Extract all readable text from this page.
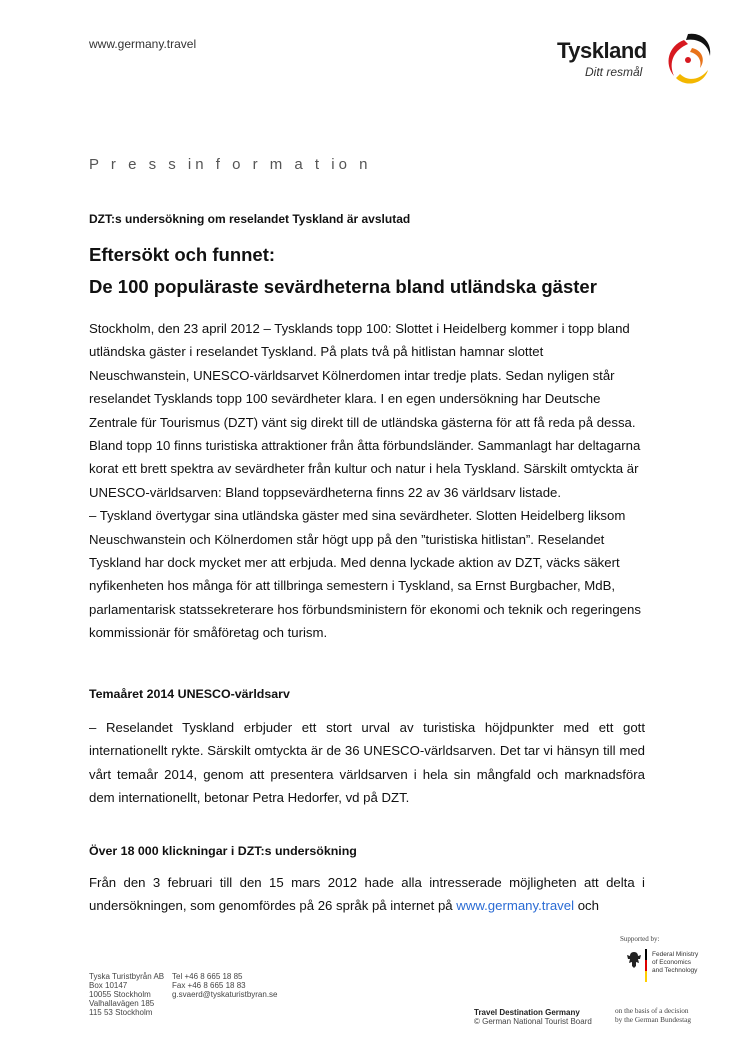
www.germany.travel	Tyskland
Ditt resmål
P r e s s in f o r m a t io n
DZT:s undersökning om reselandet Tyskland är avslutad
Eftersökt och funnet:
De 100 populäraste sevärdheterna bland utländska gäster

Stockholm, den 23 april 2012 – Tysklands topp 100: Slottet i Heidelberg kommer i topp bland utländska gäster i reselandet Tyskland. På plats två på hitlistan hamnar slottet Neuschwanstein, UNESCO-världsarvet Kölnerdomen intar tredje plats. Sedan nyligen står reselandet Tysklands topp 100 sevärdheter klara. I en egen undersökning har Deutsche Zentrale für Tourismus (DZT) vänt sig direkt till de utländska gästerna för att få reda på dessa. Bland topp 10 finns turistiska attraktioner från åtta förbundsländer. Sammanlagt har deltagarna korat ett brett spektra av sevärdheter från kultur och natur i hela Tyskland. Särskilt omtyckta är UNESCO-världsarven: Bland toppsevärdheterna finns 22 av 36 världsarv listade.

– Tyskland övertygar sina utländska gäster med sina sevärdheter. Slotten Heidelberg liksom Neuschwanstein och Kölnerdomen står högt upp på den ”turistiska hitlistan”. Reselandet Tyskland har dock mycket mer att erbjuda. Med denna lyckade aktion av DZT, väcks säkert nyfikenheten hos många för att tillbringa semestern i Tyskland, sa Ernst Burgbacher, MdB, parlamentarisk statssekreterare hos förbundsministern för ekonomi och teknik och regeringens kommissionär för småföretag och turism.

Temaåret 2014 UNESCO-världsarv
– Reselandet Tyskland erbjuder ett stort urval av turistiska höjdpunkter med ett gott internationellt rykte. Särskilt omtyckta är de 36 UNESCO-världsarven. Det tar vi hänsyn till med vårt temaår 2014, genom att presentera världsarven i hela sin mångfald och marknadsföra dem internationellt, betonar Petra Hedorfer, vd på DZT.
Över 18 000 klickningar i DZT:s undersökning
Från den 3 februari till den 15 mars 2012 hade alla intresserade möjligheten att delta i undersökningen, som genomfördes på 26 språk på internet på www.germany.travel och
Tyska Turistbyrån AB
Box 10147
10055 Stockholm
Valhallavägen 185
115 53 Stockholm
Tel +46 8 665 18 85
Fax +46 8 665 18 83
g.svaerd@tyskaturistbyran.se
Travel Destination Germany
© German National Tourist Board
Supported by:
Federal Ministry
of Economics
and Technology
on the basis of a decision
by the German Bundestag
